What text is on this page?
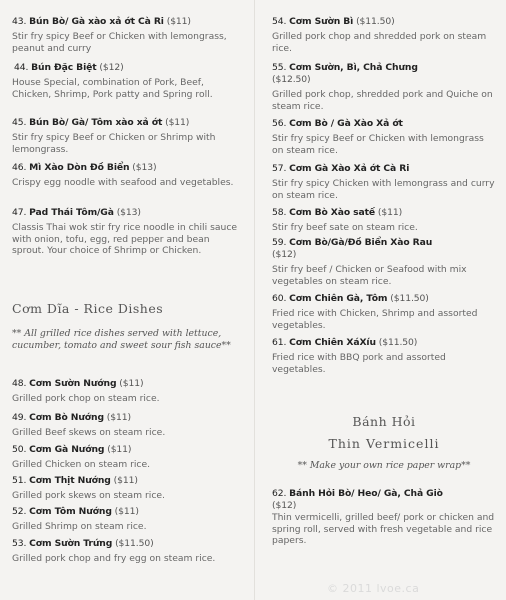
43. Bún Bò/ Gà xào xả ớt Cà Ri ($11)
Stir fry spicy Beef or Chicken with lemongrass, peanut and curry
44. Bún Đặc Biệt ($12)
House Special, combination of Pork, Beef, Chicken, Shrimp, Pork patty and Spring roll.
45. Bún Bò/ Gà/ Tôm xào xả ớt ($11)
Stir fry spicy Beef or Chicken or Shrimp with lemongrass.
46. Mì Xào Dòn Đồ Biển ($13)
Crispy egg noodle with seafood and vegetables.
47. Pad Thái Tôm/Gà ($13)
Classis Thai wok stir fry rice noodle in chili sauce with onion, tofu, egg, red pepper and bean sprout. Your choice of Shrimp or Chicken.
Cơm Dĩa - Rice Dishes
** All grilled rice dishes served with lettuce, cucumber, tomato and sweet sour fish sauce**
48. Cơm Sườn Nướng ($11)
Grilled pork chop on steam rice.
49. Cơm Bò Nướng ($11)
Grilled Beef skews on steam rice.
50. Cơm Gà Nướng ($11)
Grilled Chicken on steam rice.
51. Cơm Thịt Nướng ($11)
Grilled pork skews on steam rice.
52. Cơm Tôm Nướng ($11)
Grilled Shrimp on steam rice.
53. Cơm Sườn Trứng ($11.50)
Grilled pork chop and fry egg on steam rice.
54. Cơm Sườn Bì ($11.50)
Grilled pork chop and shredded pork on steam rice.
55. Cơm Sườn, Bì, Chả Chưng
($12.50)
Grilled pork chop, shredded pork and Quiche on steam rice.
56. Cơm Bò / Gà Xào Xả ớt
Stir fry spicy Beef or Chicken with lemongrass on steam rice.
57. Cơm Gà Xào Xả ớt Cà Ri
Stir fry spicy Chicken with lemongrass and curry on steam rice.
58. Cơm Bò Xào satế ($11)
Stir fry beef sate on steam rice.
59. Cơm Bò/Gà/Đồ Biển Xào Rau
($12)
Stir fry beef / Chicken or Seafood with mix vegetables on steam rice.
60. Cơm Chiên Gà, Tôm ($11.50)
Fried rice with Chicken, Shrimp and assorted vegetables.
61. Cơm Chiên XáXíu ($11.50)
Fried rice with BBQ pork and assorted vegetables.
Bánh Hỏi
Thin Vermicelli
** Make your own rice paper wrap**
62. Bánh Hỏi Bò/ Heo/ Gà, Chả Giò
($12)
Thin vermicelli, grilled beef/ pork or chicken and spring roll, served with fresh vegetable and rice papers.
© 2011 lvoe.ca
